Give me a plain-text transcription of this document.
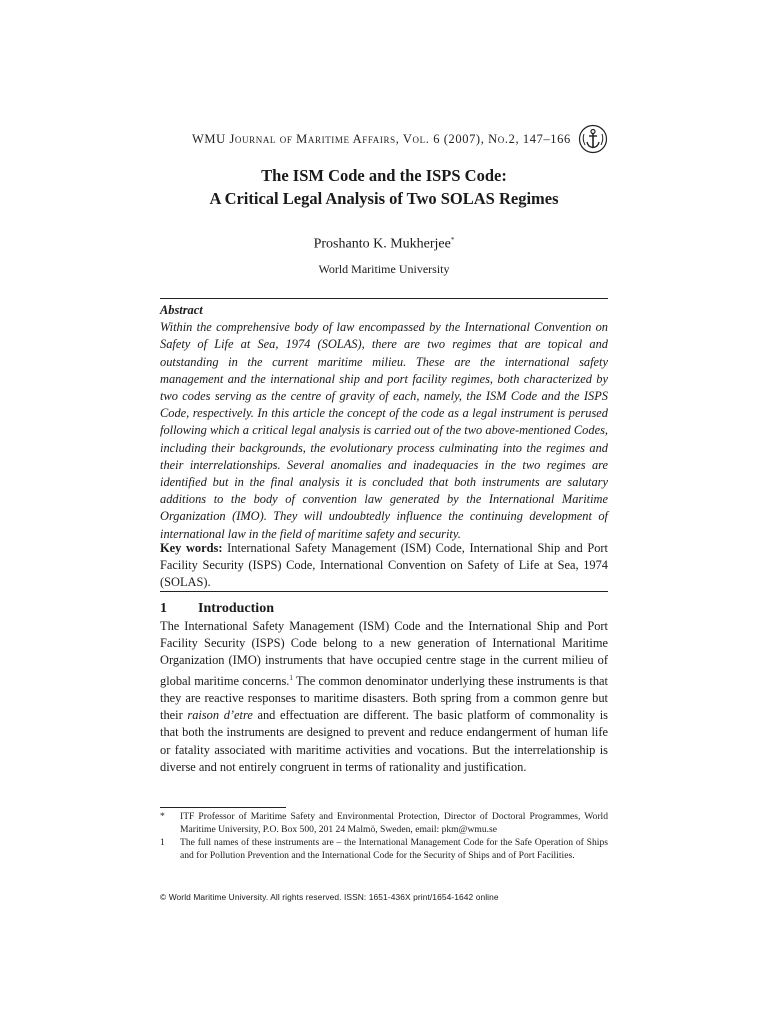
WMU Journal of Maritime Affairs, Vol. 6 (2007), No.2, 147–166
The ISM Code and the ISPS Code:
A Critical Legal Analysis of Two SOLAS Regimes
Proshanto K. Mukherjee*
World Maritime University
Abstract
Within the comprehensive body of law encompassed by the International Convention on Safety of Life at Sea, 1974 (SOLAS), there are two regimes that are topical and outstanding in the current maritime milieu. These are the international safety management and the international ship and port facility regimes, both characterized by two codes serving as the centre of gravity of each, namely, the ISM Code and the ISPS Code, respectively. In this article the concept of the code as a legal instrument is perused following which a critical legal analysis is carried out of the two above-mentioned Codes, including their backgrounds, the evolutionary process culminating into the regimes and their interrelationships. Several anomalies and inadequacies in the two regimes are identified but in the final analysis it is concluded that both instruments are salutary additions to the body of convention law generated by the International Maritime Organization (IMO). They will undoubtedly influence the continuing development of international law in the field of maritime safety and security.
Key words: International Safety Management (ISM) Code, International Ship and Port Facility Security (ISPS) Code, International Convention on Safety of Life at Sea, 1974 (SOLAS).
1 Introduction
The International Safety Management (ISM) Code and the International Ship and Port Facility Security (ISPS) Code belong to a new generation of International Maritime Organization (IMO) instruments that have occupied centre stage in the current milieu of global maritime concerns.$^1$ The common denominator underlying these instruments is that they are reactive responses to maritime disasters. Both spring from a common genre but their raison d’etre and effectuation are different. The basic platform of commonality is that both the instruments are designed to prevent and reduce endangerment of human life or fatality associated with maritime activities and vocations. But the interrelationship is diverse and not entirely congruent in terms of rationality and justification.
*	ITF Professor of Maritime Safety and Environmental Protection, Director of Doctoral Programmes, World Maritime University, P.O. Box 500, 201 24 Malmö, Sweden, email: pkm@wmu.se
1	The full names of these instruments are – the International Management Code for the Safe Operation of Ships and for Pollution Prevention and the International Code for the Security of Ships and of Port Facilities.
© World Maritime University. All rights reserved. ISSN: 1651-436X print/1654-1642 online
